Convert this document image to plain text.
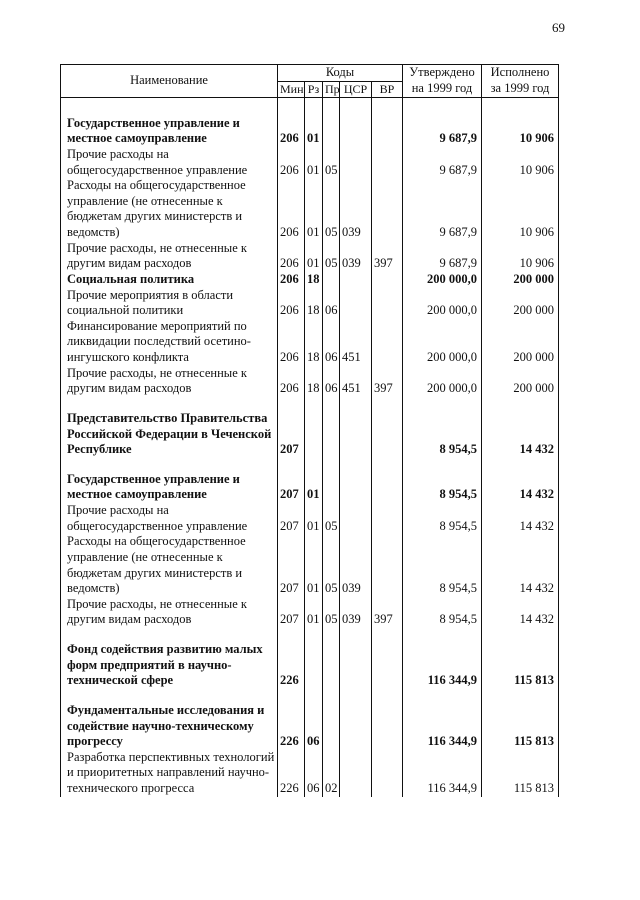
69
Наименование	Коды					Утверждено на 1999 год	Исполнено за 1999 год
	Мин	Рз	Пр	ЦСР	ВР		

Государственное управление и местное самоуправление	206	01				9 687,9	10 906
Прочие расходы на общегосударственное управление	206	01	05			9 687,9	10 906
Расходы на общегосударственное управление (не отнесенные к бюджетам других министерств и ведомств)	206	01	05	039		9 687,9	10 906
Прочие расходы, не отнесенные к другим видам расходов	206	01	05	039	397	9 687,9	10 906
Социальная политика	206	18				200 000,0	200 000
Прочие мероприятия в области социальной политики	206	18	06			200 000,0	200 000
Финансирование мероприятий по ликвидации последствий осетино-ингушского конфликта	206	18	06	451		200 000,0	200 000
Прочие расходы, не отнесенные к другим видам расходов	206	18	06	451	397	200 000,0	200 000

Представительство Правительства Российской Федерации в Чеченской Республике	207					8 954,5	14 432

Государственное управление и местное самоуправление	207	01				8 954,5	14 432
Прочие расходы на общегосударственное управление	207	01	05			8 954,5	14 432
Расходы на общегосударственное управление (не отнесенные к бюджетам других министерств и ведомств)	207	01	05	039		8 954,5	14 432
Прочие расходы, не отнесенные к другим видам расходов	207	01	05	039	397	8 954,5	14 432

Фонд содействия развитию малых форм предприятий в научно-технической сфере	226					116 344,9	115 813

Фундаментальные исследования и содействие научно-техническому прогрессу	226	06				116 344,9	115 813
Разработка перспективных технологий и приоритетных направлений научно-технического прогресса	226	06	02			116 344,9	115 813
